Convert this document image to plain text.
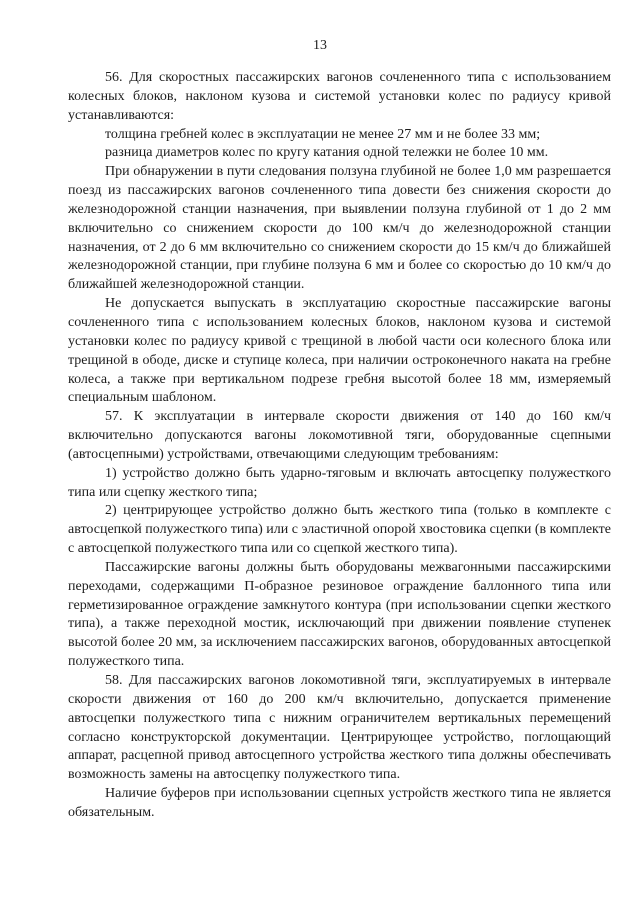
13

56. Для скоростных пассажирских вагонов сочлененного типа с использованием колесных блоков, наклоном кузова и системой установки колес по радиусу кривой устанавливаются:

толщина гребней колес в эксплуатации не менее 27 мм и не более 33 мм;

разница диаметров колес по кругу катания одной тележки не более 10 мм.

При обнаружении в пути следования ползуна глубиной не более 1,0 мм разрешается поезд из пассажирских вагонов сочлененного типа довести без снижения скорости до железнодорожной станции назначения, при выявлении ползуна глубиной от 1 до 2 мм включительно со снижением скорости до 100 км/ч до железнодорожной станции назначения, от 2 до 6 мм включительно со снижением скорости до 15 км/ч до ближайшей железнодорожной станции, при глубине ползуна 6 мм и более со скоростью до 10 км/ч до ближайшей железнодорожной станции.

Не допускается выпускать в эксплуатацию скоростные пассажирские вагоны сочлененного типа с использованием колесных блоков, наклоном кузова и системой установки колес по радиусу кривой с трещиной в любой части оси колесного блока или трещиной в ободе, диске и ступице колеса, при наличии остроконечного наката на гребне колеса, а также при вертикальном подрезе гребня высотой более 18 мм, измеряемый специальным шаблоном.

57. К эксплуатации в интервале скорости движения от 140 до 160 км/ч включительно допускаются вагоны локомотивной тяги, оборудованные сцепными (автосцепными) устройствами, отвечающими следующим требованиям:

1) устройство должно быть ударно-тяговым и включать автосцепку полужесткого типа или сцепку жесткого типа;

2) центрирующее устройство должно быть жесткого типа (только в комплекте с автосцепкой полужесткого типа) или с эластичной опорой хвостовика сцепки (в комплекте с автосцепкой полужесткого типа или со сцепкой жесткого типа).

Пассажирские вагоны должны быть оборудованы межвагонными пассажирскими переходами, содержащими П-образное резиновое ограждение баллонного типа или герметизированное ограждение замкнутого контура (при использовании сцепки жесткого типа), а также переходной мостик, исключающий при движении появление ступенек высотой более 20 мм, за исключением пассажирских вагонов, оборудованных автосцепкой полужесткого типа.

58. Для пассажирских вагонов локомотивной тяги, эксплуатируемых в интервале скорости движения от 160 до 200 км/ч включительно, допускается применение автосцепки полужесткого типа с нижним ограничителем вертикальных перемещений согласно конструкторской документации. Центрирующее устройство, поглощающий аппарат, расцепной привод автосцепного устройства жесткого типа должны обеспечивать возможность замены на автосцепку полужесткого типа.

Наличие буферов при использовании сцепных устройств жесткого типа не является обязательным.
